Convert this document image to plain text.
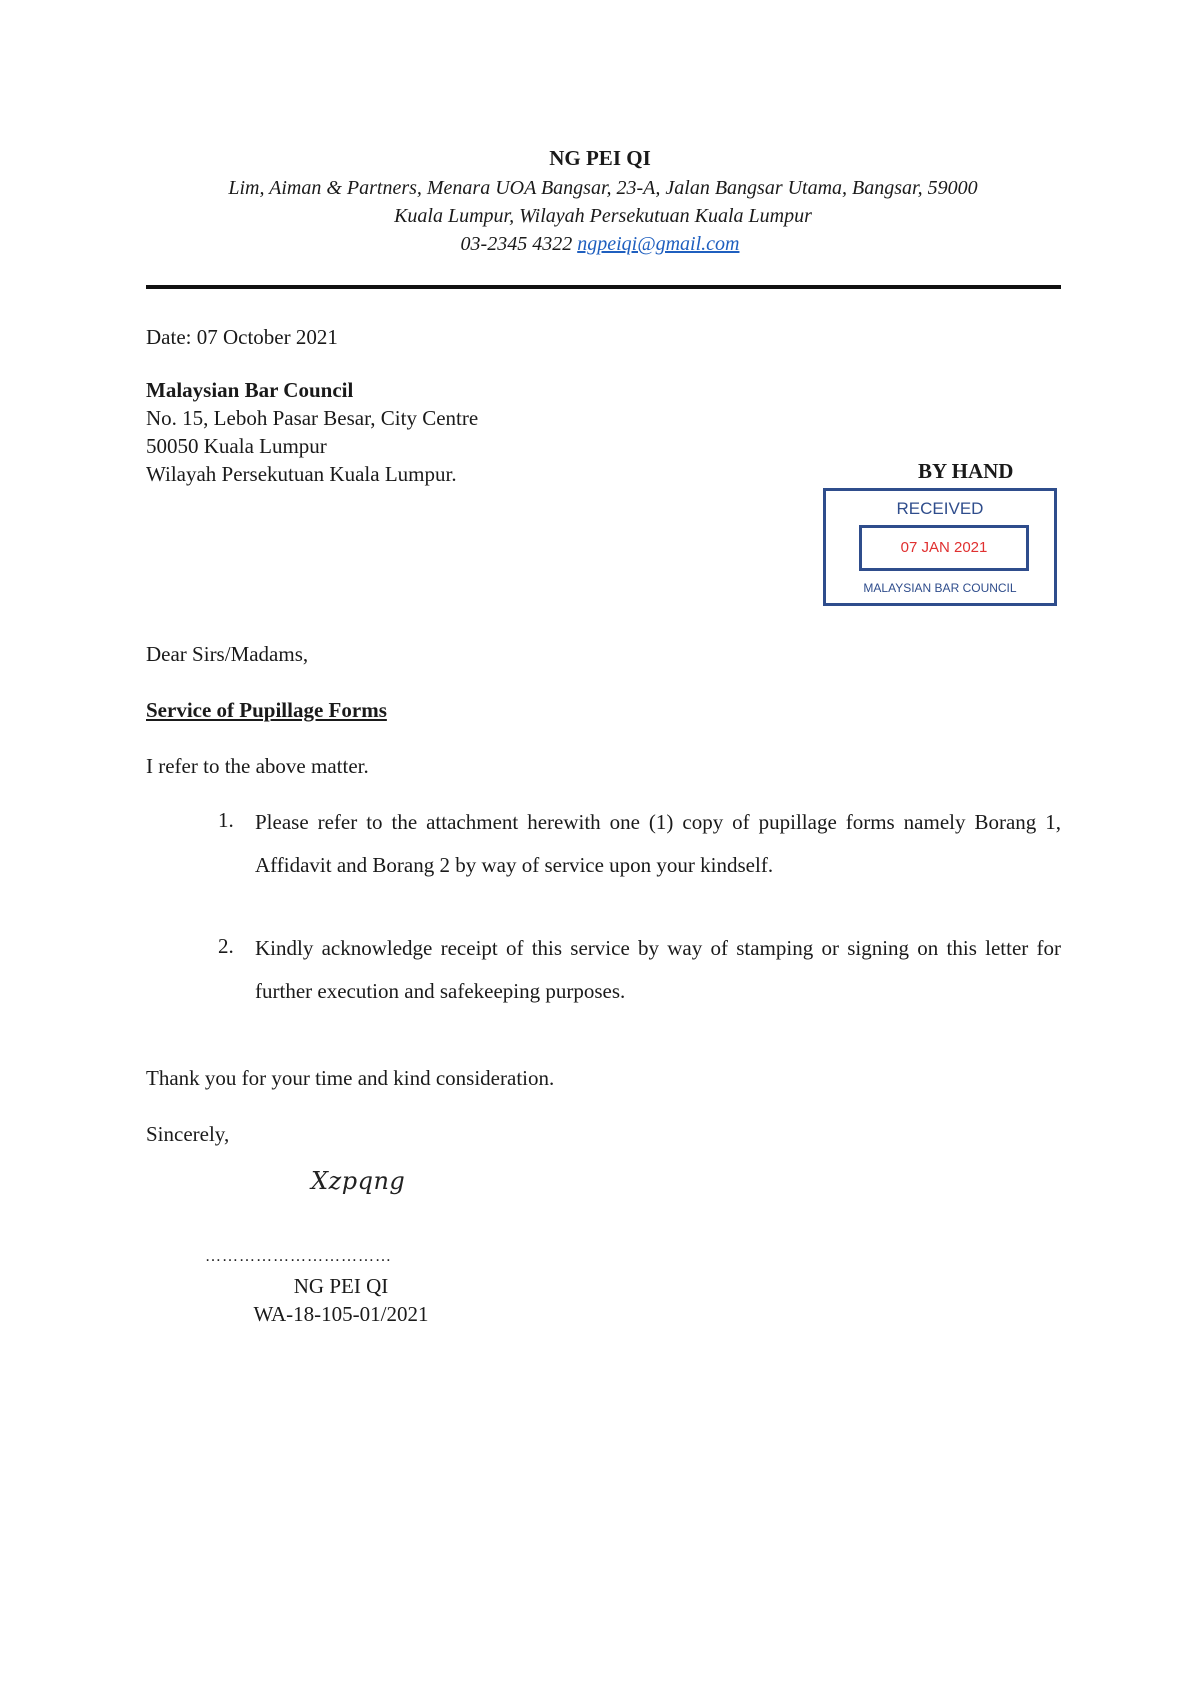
NG PEI QI

Lim, Aiman & Partners, Menara UOA Bangsar, 23-A, Jalan Bangsar Utama, Bangsar, 59000

Kuala Lumpur, Wilayah Persekutuan Kuala Lumpur

03-2345 4322 ngpeiqi@gmail.com

Date: 07 October 2021

Malaysian Bar Council

No. 15, Leboh Pasar Besar, City Centre

50050 Kuala Lumpur

Wilayah Persekutuan Kuala Lumpur.	BY HAND

RECEIVED
07 JAN 2021
MALAYSIAN BAR COUNCIL

Dear Sirs/Madams,

Service of Pupillage Forms

I refer to the above matter.

1. Please refer to the attachment herewith one (1) copy of pupillage forms namely Borang 1, Affidavit and Borang 2 by way of service upon your kindself.

2. Kindly acknowledge receipt of this service by way of stamping or signing on this letter for further execution and safekeeping purposes.

Thank you for your time and kind consideration.

Sincerely,

Xzpqng

……………………………

NG PEI QI

WA-18-105-01/2021
